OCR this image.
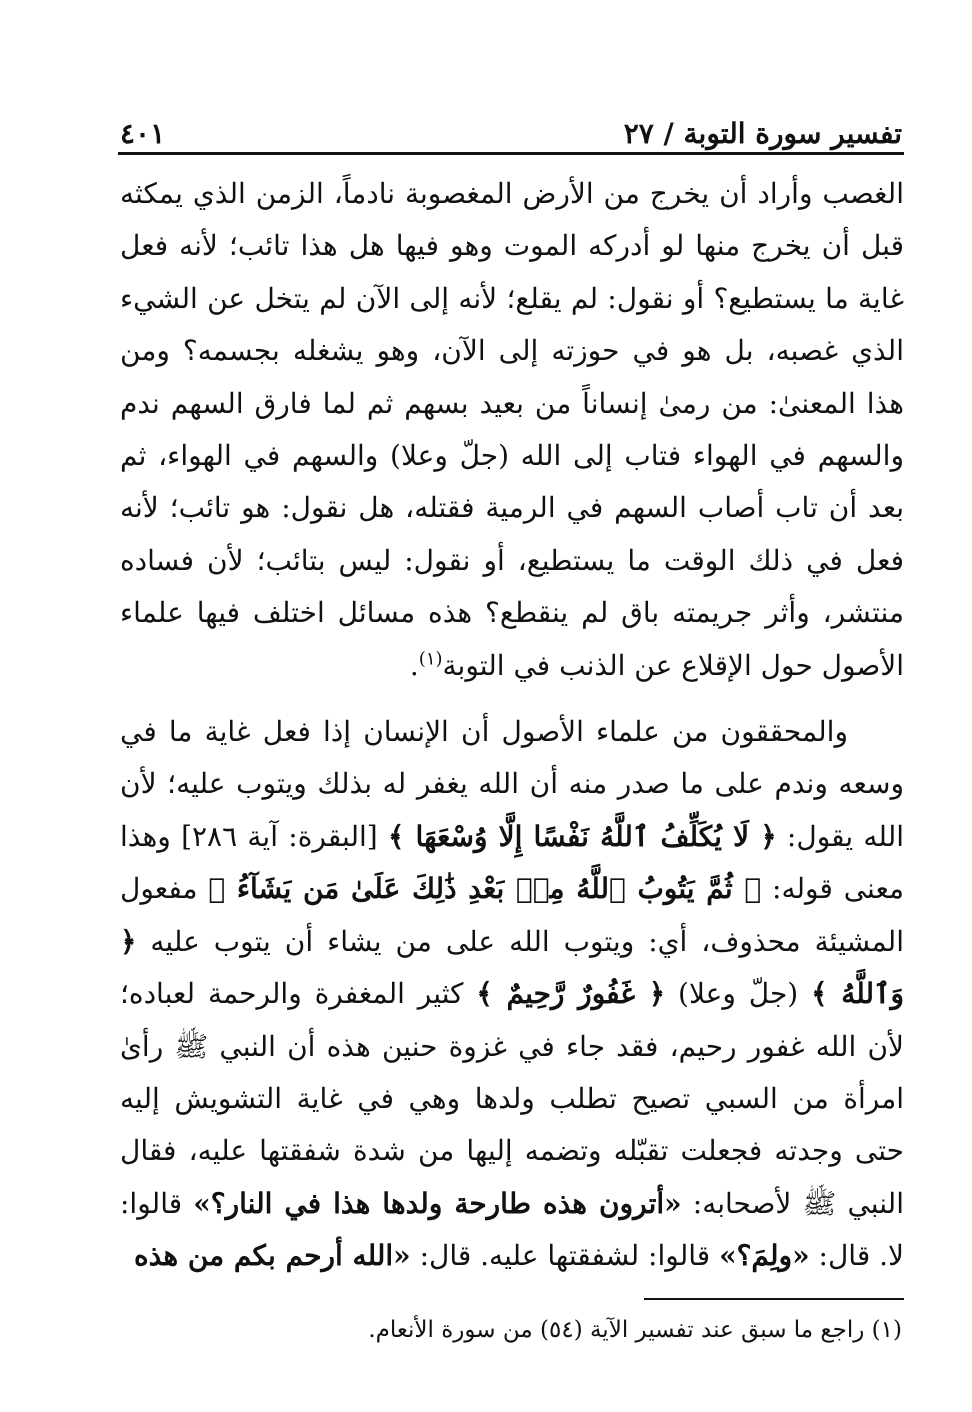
تفسير سورة التوبة / ٢٧
٤٠١

الغصب وأراد أن يخرج من الأرض المغصوبة نادماً، الزمن الذي يمكثه قبل أن يخرج منها لو أدركه الموت وهو فيها هل هذا تائب؛ لأنه فعل غاية ما يستطيع؟ أو نقول: لم يقلع؛ لأنه إلى الآن لم يتخل عن الشيء الذي غصبه، بل هو في حوزته إلى الآن، وهو يشغله بجسمه؟ ومن هذا المعنىٰ: من رمىٰ إنساناً من بعيد بسهم ثم لما فارق السهم ندم والسهم في الهواء فتاب إلى الله (جلّ وعلا) والسهم في الهواء، ثم بعد أن تاب أصاب السهم في الرمية فقتله، هل نقول: هو تائب؛ لأنه فعل في ذلك الوقت ما يستطيع، أو نقول: ليس بتائب؛ لأن فساده منتشر، وأثر جريمته باق لم ينقطع؟ هذه مسائل اختلف فيها علماء الأصول حول الإقلاع عن الذنب في التوبة$^{(١)}$.

والمحققون من علماء الأصول أن الإنسان إذا فعل غاية ما في وسعه وندم على ما صدر منه أن الله يغفر له بذلك ويتوب عليه؛ لأن الله يقول: ﴿ لَا يُكَلِّفُ ٱللَّهُ نَفْسًا إِلَّا وُسْعَهَا ﴾ [البقرة: آية ٢٨٦] وهذا معنى قوله: ﴿ ثُمَّ يَتُوبُ ٱللَّهُ مِنۢ بَعْدِ ذَٰلِكَ عَلَىٰ مَن يَشَآءُ ﴾ مفعول المشيئة محذوف، أي: ويتوب الله على من يشاء أن يتوب عليه ﴿ وَٱللَّهُ ﴾ (جلّ وعلا) ﴿ غَفُورٌ رَّحِيمٌ ﴾ كثير المغفرة والرحمة لعباده؛ لأن الله غفور رحيم، فقد جاء في غزوة حنين هذه أن النبي ﷺ رأىٰ امرأة من السبي تصيح تطلب ولدها وهي في غاية التشويش إليه حتى وجدته فجعلت تقبّله وتضمه إليها من شدة شفقتها عليه، فقال النبي ﷺ لأصحابه: «أترون هذه طارحة ولدها هذا في النار؟» قالوا: لا. قال: «ولِمَ؟» قالوا: لشفقتها عليه. قال: «الله أرحم بكم من هذه

(١) راجع ما سبق عند تفسير الآية (٥٤) من سورة الأنعام.
